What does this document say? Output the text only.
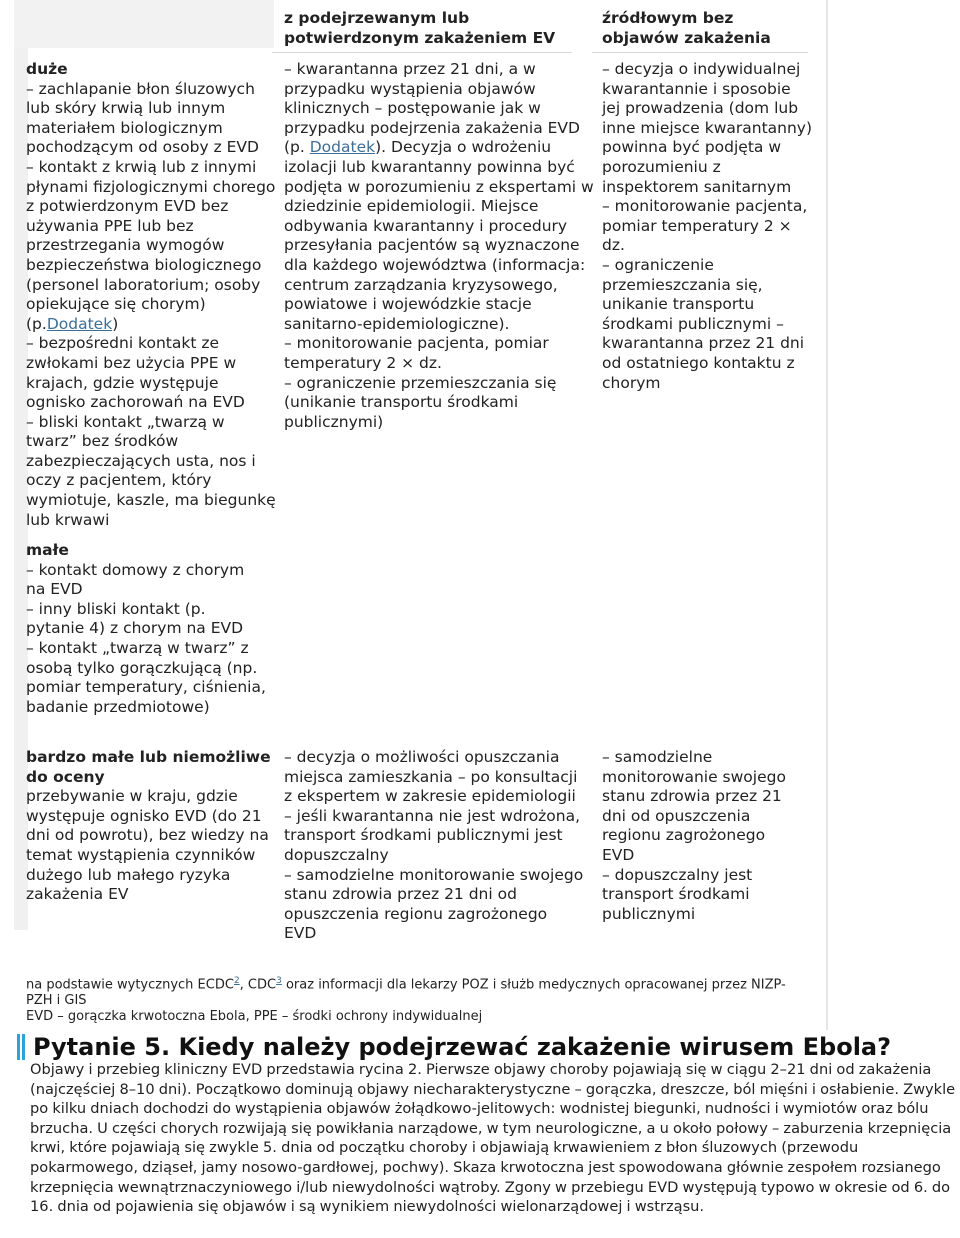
z podejrzewanym lub potwierdzonym zakażeniem EV
źródłowym bez objawów zakażenia

duże

– zachlapanie błon śluzowych lub skóry krwią lub innym materiałem biologicznym pochodzącym od osoby z EVD

– kontakt z krwią lub z innymi płynami fizjologicznymi chorego z potwierdzonym EVD bez używania PPE lub bez przestrzegania wymogów bezpieczeństwa biologicznego (personel laboratorium; osoby opiekujące się chorym) (p.Dodatek)

– bezpośredni kontakt ze zwłokami bez użycia PPE w krajach, gdzie występuje ognisko zachorowań na EVD

– bliski kontakt „twarzą w twarz” bez środków zabezpieczających usta, nos i oczy z pacjentem, który wymiotuje, kaszle, ma biegunkę lub krwawi

– kwarantanna przez 21 dni, a w przypadku wystąpienia objawów klinicznych – postępowanie jak w przypadku podejrzenia zakażenia EVD (p. Dodatek). Decyzja o wdrożeniu izolacji lub kwarantanny powinna być podjęta w porozumieniu z ekspertami w dziedzinie epidemiologii. Miejsce odbywania kwarantanny i procedury przesyłania pacjentów są wyznaczone dla każdego województwa (informacja: centrum zarządzania kryzysowego, powiatowe i wojewódzkie stacje sanitarno-epidemiologiczne).

– monitorowanie pacjenta, pomiar temperatury 2 × dz.

– ograniczenie przemieszczania się (unikanie transportu środkami publicznymi)

– decyzja o indywidualnej kwarantannie i sposobie jej prowadzenia (dom lub inne miejsce kwarantanny) powinna być podjęta w porozumieniu z inspektorem sanitarnym

– monitorowanie pacjenta, pomiar temperatury 2 × dz.

– ograniczenie przemieszczania się, unikanie transportu środkami publicznymi – kwarantanna przez 21 dni od ostatniego kontaktu z chorym

małe

– kontakt domowy z chorym na EVD

– inny bliski kontakt (p. pytanie 4) z chorym na EVD

– kontakt „twarzą w twarz” z osobą tylko gorączkującą (np. pomiar temperatury, ciśnienia, badanie przedmiotowe)

bardzo małe lub niemożliwe do oceny

przebywanie w kraju, gdzie występuje ognisko EVD (do 21 dni od powrotu), bez wiedzy na temat wystąpienia czynników dużego lub małego ryzyka zakażenia EV

– decyzja o możliwości opuszczania miejsca zamieszkania – po konsultacji z ekspertem w zakresie epidemiologii

– jeśli kwarantanna nie jest wdrożona, transport środkami publicznymi jest dopuszczalny

– samodzielne monitorowanie swojego stanu zdrowia przez 21 dni od opuszczenia regionu zagrożonego EVD

– samodzielne monitorowanie swojego stanu zdrowia przez 21 dni od opuszczenia regionu zagrożonego EVD

– dopuszczalny jest transport środkami publicznymi

na podstawie wytycznych ECDC$^2$, CDC$^3$ oraz informacji dla lekarzy POZ i służb medycznych opracowanej przez NIZP-PZH i GIS
EVD – gorączka krwotoczna Ebola, PPE – środki ochrony indywidualnej
Pytanie 5. Kiedy należy podejrzewać zakażenie wirusem Ebola?
Objawy i przebieg kliniczny EVD przedstawia rycina 2. Pierwsze objawy choroby pojawiają się w ciągu 2–21 dni od zakażenia (najczęściej 8–10 dni). Początkowo dominują objawy niecharakterystyczne – gorączka, dreszcze, ból mięśni i osłabienie. Zwykle po kilku dniach dochodzi do wystąpienia objawów żołądkowo-jelitowych: wodnistej biegunki, nudności i wymiotów oraz bólu brzucha. U części chorych rozwijają się powikłania narządowe, w tym neurologiczne, a u około połowy – zaburzenia krzepnięcia krwi, które pojawiają się zwykle 5. dnia od początku choroby i objawiają krwawieniem z błon śluzowych (przewodu pokarmowego, dziąseł, jamy nosowo-gardłowej, pochwy). Skaza krwotoczna jest spowodowana głównie zespołem rozsianego krzepnięcia wewnątrznaczyniowego i/lub niewydolności wątroby. Zgony w przebiegu EVD występują typowo w okresie od 6. do 16. dnia od pojawienia się objawów i są wynikiem niewydolności wielonarządowej i wstrząsu.
